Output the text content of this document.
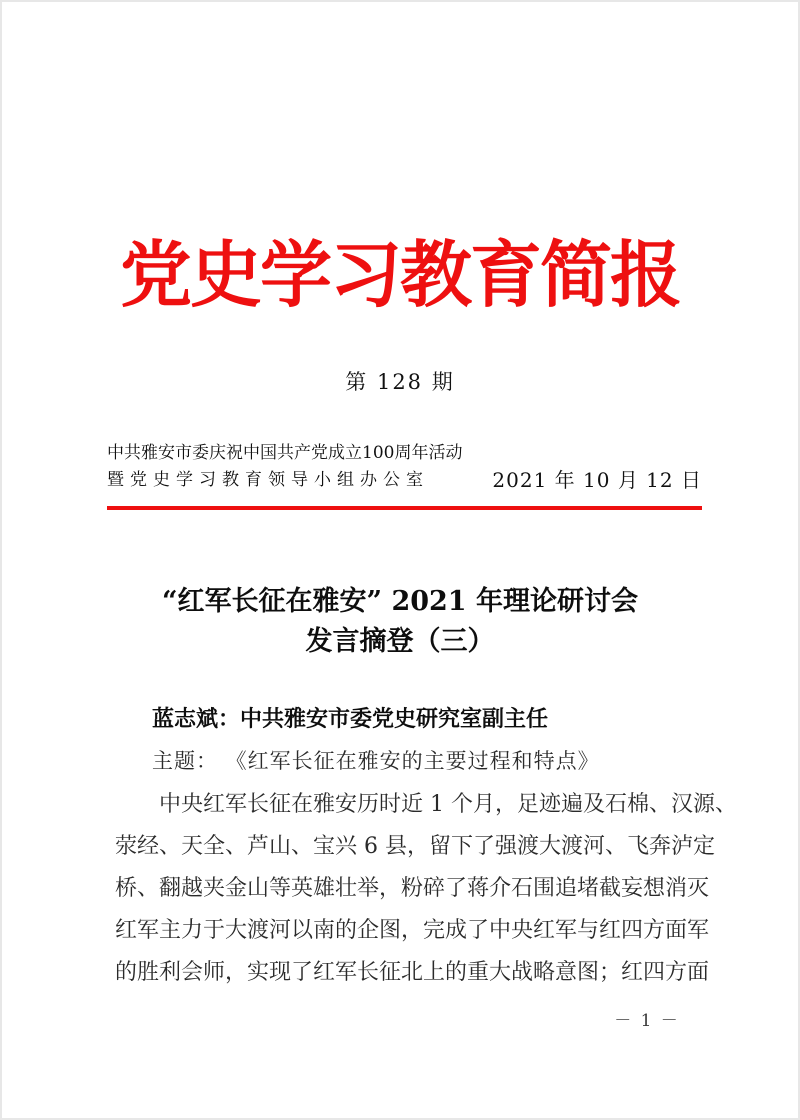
党史学习教育简报
第 128 期
中共雅安市委庆祝中国共产党成立100周年活动
暨党史学习教育领导小组办公室	2021 年 10 月 12 日
“红军长征在雅安” 2021 年理论研讨会
发言摘登（三）
蓝志斌：中共雅安市委党史研究室副主任
主题： 《红军长征在雅安的主要过程和特点》
中央红军长征在雅安历时近 1 个月，足迹遍及石棉、汉源、
荥经、天全、芦山、宝兴 6 县，留下了强渡大渡河、飞奔泸定
桥、翻越夹金山等英雄壮举，粉碎了蒋介石围追堵截妄想消灭
红军主力于大渡河以南的企图，完成了中央红军与红四方面军
的胜利会师，实现了红军长征北上的重大战略意图；红四方面
－ 1 －
